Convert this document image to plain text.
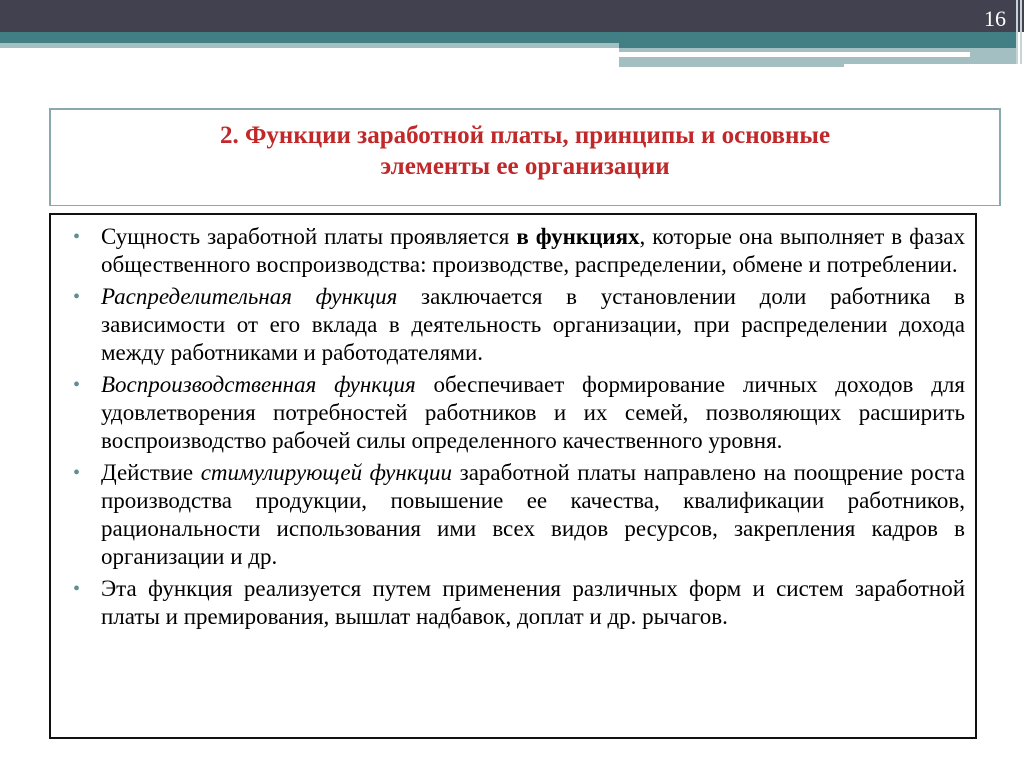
16
2. Функции заработной платы, принципы и основные
элементы ее организации
• Сущность заработной платы проявляется в функциях, которые она выполняет в фазах общественного воспроизводства: производстве, распределении, обмене и потреблении.
• Распределительная функция заключается в установлении доли работника в зависимости от его вклада в деятельность организации, при распределении дохода между работниками и работодателями.
• Воспроизводственная функция обеспечивает формирование личных доходов для удовлетворения потребностей работников и их семей, позволяющих расширить воспроизводство рабочей силы определенного качественного уровня.
• Действие стимулирующей функции заработной платы направлено на поощрение роста производства продукции, повышение ее качества, квалификации работников, рациональности использования ими всех видов ресурсов, закрепления кадров в организации и др.
• Эта функция реализуется путем применения различных форм и систем заработной платы и премирования, вышлат надбавок, доплат и др. рычагов.
